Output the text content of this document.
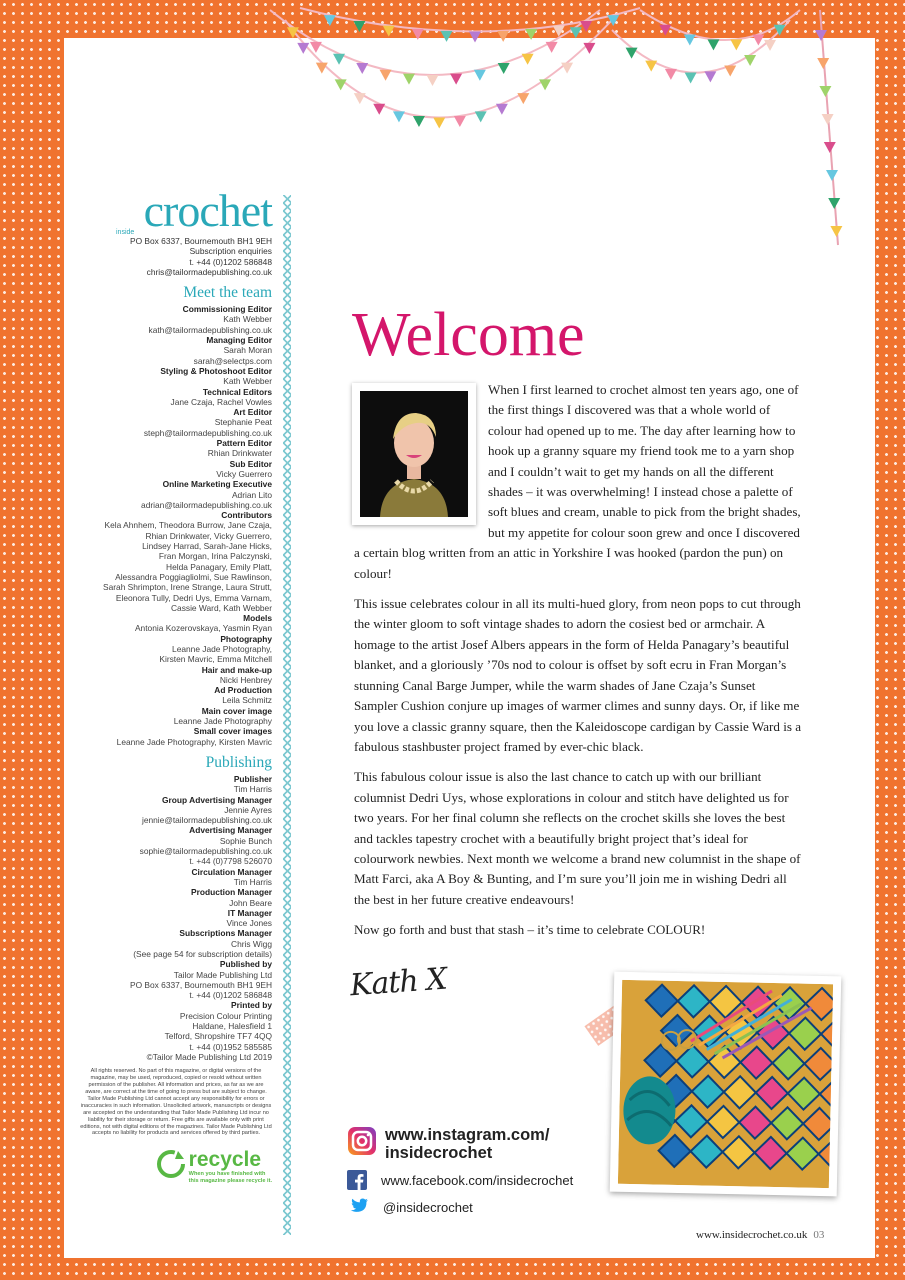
inside crochet
PO Box 6337, Bournemouth BH1 9EH
Subscription enquiries
t. +44 (0)1202 586848
chris@tailormadepublishing.co.uk
Meet the team
Commissioning Editor
Kath Webber
kath@tailormadepublishing.co.uk
Managing Editor
Sarah Moran
sarah@selectps.com
Styling & Photoshoot Editor
Kath Webber
Technical Editors
Jane Czaja, Rachel Vowles
Art Editor
Stephanie Peat
steph@tailormadepublishing.co.uk
Pattern Editor
Rhian Drinkwater
Sub Editor
Vicky Guerrero
Online Marketing Executive
Adrian Lito
adrian@tailormadepublishing.co.uk
Contributors
Kela Ahnhem, Theodora Burrow, Jane Czaja,
Rhian Drinkwater, Vicky Guerrero,
Lindsey Harrad, Sarah-Jane Hicks,
Fran Morgan, Irina Palczynski,
Helda Panagary, Emily Platt,
Alessandra Poggiagliolmi, Sue Rawlinson,
Sarah Shrimpton, Irene Strange, Laura Strutt,
Eleonora Tully, Dedri Uys, Emma Varnam,
Cassie Ward, Kath Webber
Models
Antonia Kozerovskaya, Yasmin Ryan
Photography
Leanne Jade Photography,
Kirsten Mavric, Emma Mitchell
Hair and make-up
Nicki Henbrey
Ad Production
Leila Schmitz
Main cover image
Leanne Jade Photography
Small cover images
Leanne Jade Photography, Kirsten Mavric
Publishing
Publisher
Tim Harris
Group Advertising Manager
Jennie Ayres
jennie@tailormadepublishing.co.uk
Advertising Manager
Sophie Bunch
sophie@tailormadepublishing.co.uk
t. +44 (0)7798 526070
Circulation Manager
Tim Harris
Production Manager
John Beare
IT Manager
Vince Jones
Subscriptions Manager
Chris Wigg
(See page 54 for subscription details)
Published by
Tailor Made Publishing Ltd
PO Box 6337, Bournemouth BH1 9EH
t. +44 (0)1202 586848
Printed by
Precision Colour Printing
Haldane, Halesfield 1
Telford, Shropshire TF7 4QQ
t. +44 (0)1952 585585
©Tailor Made Publishing Ltd 2019
All rights reserved. No part of this magazine, or digital versions of the magazine, may be used, reproduced, copied or resold without written permission of the publisher. All information and prices, as far as we are aware, are correct at the time of going to press but are subject to change. Tailor Made Publishing Ltd cannot accept any responsibility for errors or inaccuracies in such information. Unsolicited artwork, manuscripts or designs are accepted on the understanding that Tailor Made Publishing Ltd incur no liability for their storage or return. Free gifts are available only with print editions, not with digital editions of the magazines. Tailor Made Publishing Ltd accepts no liability for products and services offered by third parties.
recycle
When you have finished with
this magazine please recycle it.
Welcome

When I first learned to crochet almost ten years ago, one of the first things I discovered was that a whole world of colour had opened up to me. The day after learning how to hook up a granny square my friend took me to a yarn shop and I couldn’t wait to get my hands on all the different shades – it was overwhelming! I instead chose a palette of soft blues and cream, unable to pick from the bright shades, but my appetite for colour soon grew and once I discovered a certain blog written from an attic in Yorkshire I was hooked (pardon the pun) on colour!

This issue celebrates colour in all its multi-hued glory, from neon pops to cut through the winter gloom to soft vintage shades to adorn the cosiest bed or armchair. A homage to the artist Josef Albers appears in the form of Helda Panagary’s beautiful blanket, and a gloriously ’70s nod to colour is offset by soft ecru in Fran Morgan’s stunning Canal Barge Jumper, while the warm shades of Jane Czaja’s Sunset Sampler Cushion conjure up images of warmer climes and sunny days. Or, if like me you love a classic granny square, then the Kaleidoscope cardigan by Cassie Ward is a fabulous stashbuster project framed by ever-chic black.

This fabulous colour issue is also the last chance to catch up with our brilliant columnist Dedri Uys, whose explorations in colour and stitch have delighted us for two years. For her final column she reflects on the crochet skills she loves the best and tackles tapestry crochet with a beautifully bright project that’s ideal for colourwork newbies. Next month we welcome a brand new columnist in the shape of Matt Farci, aka A Boy & Bunting, and I’m sure you’ll join me in wishing Dedri all the best in her future creative endeavours!

Now go forth and bust that stash – it’s time to celebrate COLOUR!

Kath X
www.instagram.com/
insidecrochet
www.facebook.com/insidecrochet
@insidecrochet
www.insidecrochet.co.uk 03
